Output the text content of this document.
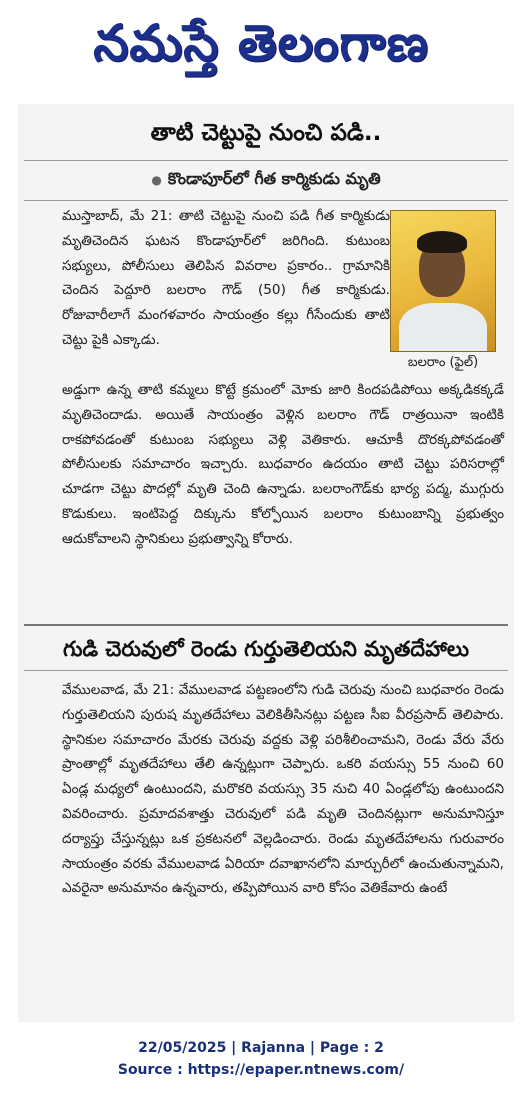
నమస్తే తెలంగాణ
తాటి చెట్టుపై నుంచి పడి..
● కొండాపూర్‌లో గీత కార్మికుడు మృతి
ముస్తాబాద్, మే 21: తాటి చెట్టుపై నుంచి పడి గీత కార్మికుడు మృతిచెందిన ఘటన కొండాపూర్‌లో జరిగింది. కుటుంబ సభ్యులు, పోలీసులు తెలిపిన వివరాల ప్రకారం.. గ్రామానికి చెందిన పెద్దూరి బలరాం గౌడ్ (50) గీత కార్మికుడు. రోజువారీలాగే మంగళవారం సాయంత్రం కల్లు గీసేందుకు తాటి చెట్టు పైకి ఎక్కాడు.
బలరాం (ఫైల్)
అడ్డుగా ఉన్న తాటి కమ్మలు కొట్టే క్రమంలో మోకు జారి కిందపడిపోయి అక్కడికక్కడే మృతిచెందాడు. అయితే సాయంత్రం వెళ్లిన బలరాం గౌడ్ రాత్రయినా ఇంటికి రాకపోవడంతో కుటుంబ సభ్యులు వెళ్లి వెతికారు. ఆచూకీ దొరక్కపోవడంతో పోలీసులకు సమాచారం ఇచ్చారు. బుధవారం ఉదయం తాటి చెట్టు పరిసరాల్లో చూడగా చెట్టు పొదల్లో మృతి చెంది ఉన్నాడు. బలరాంగౌడ్‌కు భార్య పద్మ, ముగ్గురు కొడుకులు. ఇంటిపెద్ద దిక్కును కోల్పోయిన బలరాం కుటుంబాన్ని ప్రభుత్వం ఆదుకోవాలని స్థానికులు ప్రభుత్వాన్ని కోరారు.
గుడి చెరువులో రెండు గుర్తుతెలియని మృతదేహాలు
వేములవాడ, మే 21: వేములవాడ పట్టణంలోని గుడి చెరువు నుంచి బుధవారం రెండు గుర్తుతెలియని పురుష మృతదేహాలు వెలికితీసినట్లు పట్టణ సీఐ వీరప్రసాద్ తెలిపారు. స్థానికుల సమాచారం మేరకు చెరువు వద్దకు వెళ్లి పరిశీలించామని, రెండు వేరు వేరు ప్రాంతాల్లో మృతదేహాలు తేలి ఉన్నట్లుగా చెప్పారు. ఒకరి వయస్సు 55 నుంచి 60 ఏండ్ల మధ్యలో ఉంటుందని, మరొకరి వయస్సు 35 నుచి 40 ఏండ్లలోపు ఉంటుందని వివరించారు. ప్రమాదవశాత్తు చెరువులో పడి మృతి చెందినట్లుగా అనుమానిస్తూ దర్యాప్తు చేస్తున్నట్లు ఒక ప్రకటనలో వెల్లడించారు. రెండు మృతదేహాలను గురువారం సాయంత్రం వరకు వేములవాడ ఏరియా దవాఖానలోని మార్చురీలో ఉంచుతున్నామని, ఎవరైనా అనుమానం ఉన్నవారు, తప్పిపోయిన వారి కోసం వెతికేవారు ఉంటే
22/05/2025 | Rajanna | Page : 2
Source : https://epaper.ntnews.com/
